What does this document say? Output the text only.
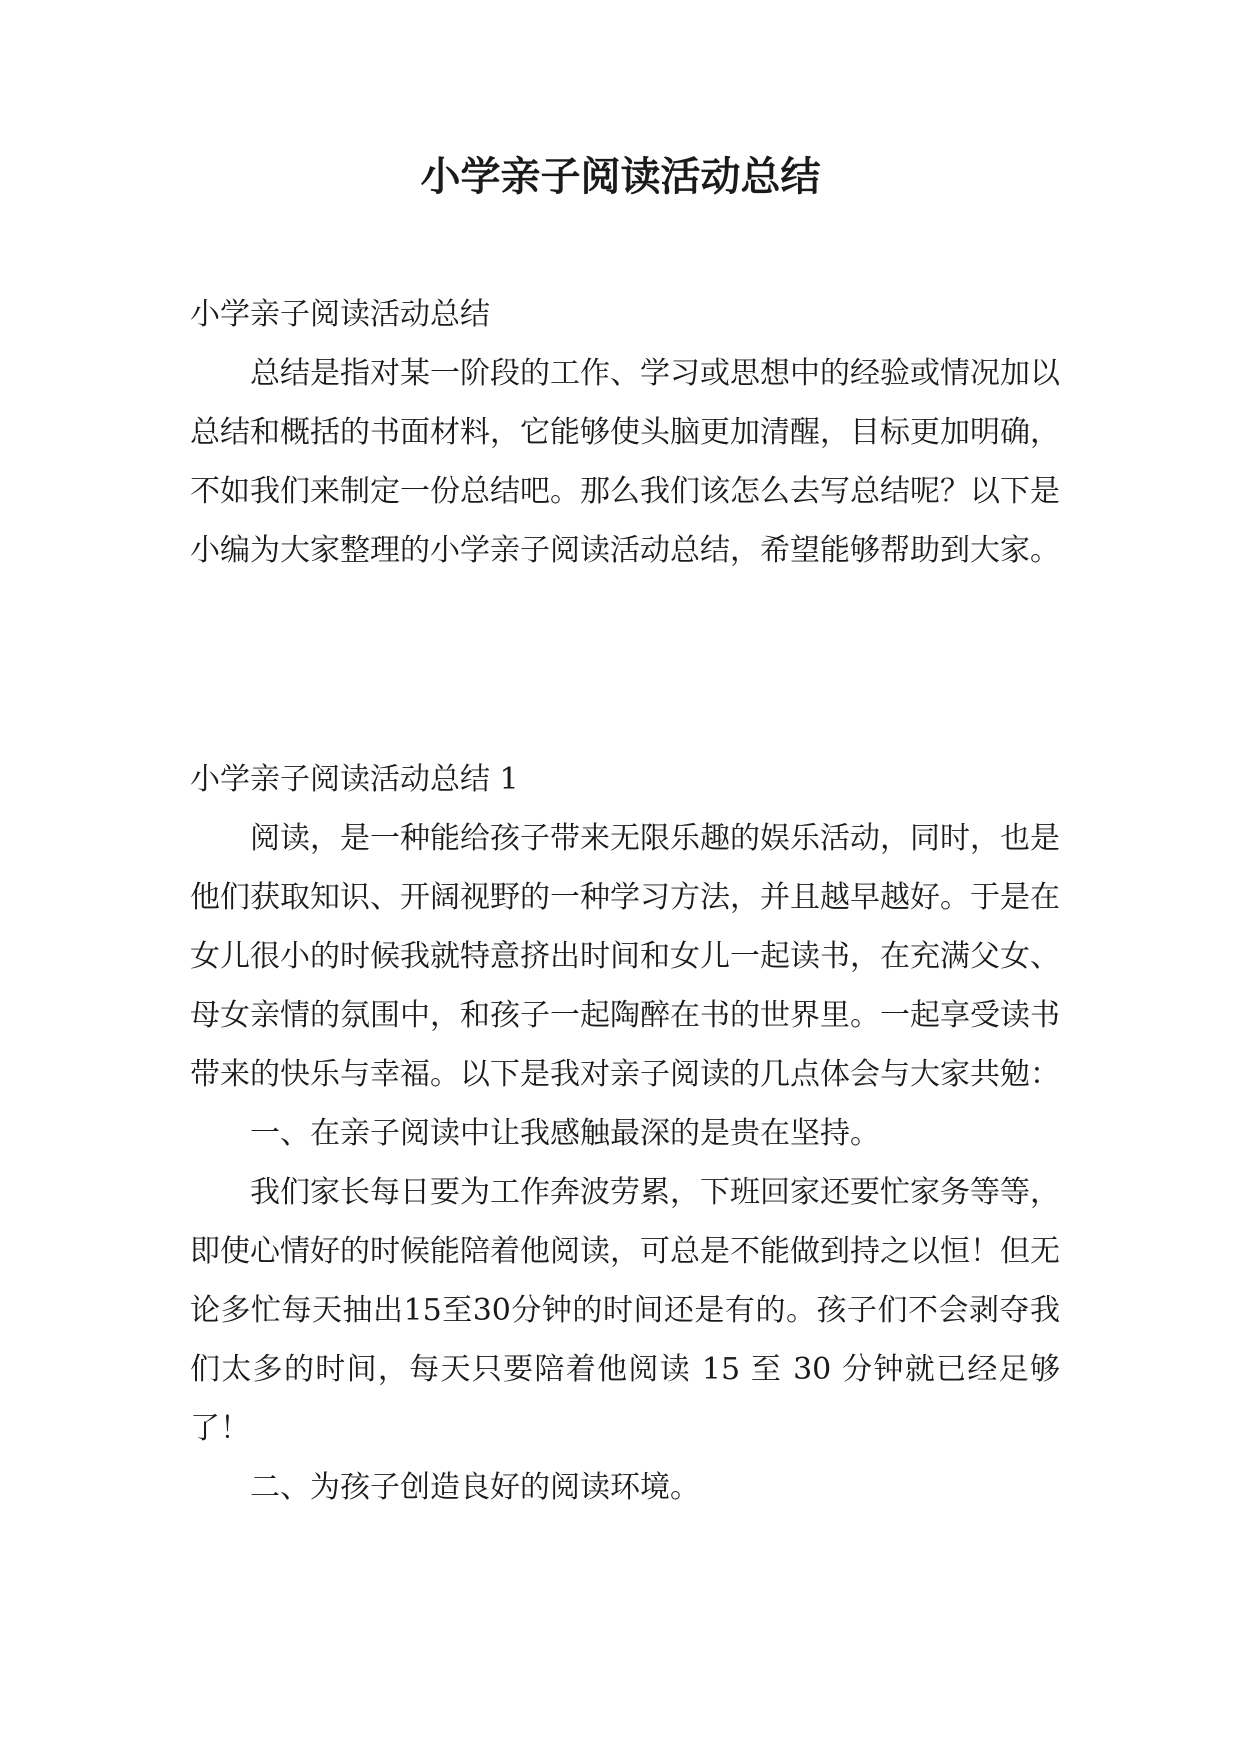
小学亲子阅读活动总结

小学亲子阅读活动总结

总结是指对某一阶段的工作、学习或思想中的经验或情况加以总结和概括的书面材料，它能够使头脑更加清醒，目标更加明确，不如我们来制定一份总结吧。那么我们该怎么去写总结呢？以下是小编为大家整理的小学亲子阅读活动总结，希望能够帮助到大家。

小学亲子阅读活动总结 1

阅读，是一种能给孩子带来无限乐趣的娱乐活动，同时，也是他们获取知识、开阔视野的一种学习方法，并且越早越好。于是在女儿很小的时候我就特意挤出时间和女儿一起读书，在充满父女、母女亲情的氛围中，和孩子一起陶醉在书的世界里。一起享受读书带来的快乐与幸福。以下是我对亲子阅读的几点体会与大家共勉：

一、在亲子阅读中让我感触最深的是贵在坚持。

我们家长每日要为工作奔波劳累，下班回家还要忙家务等等，即使心情好的时候能陪着他阅读，可总是不能做到持之以恒！但无论多忙每天抽出15至30分钟的时间还是有的。孩子们不会剥夺我们太多的时间，每天只要陪着他阅读 15 至 30 分钟就已经足够了！

二、为孩子创造良好的阅读环境。
